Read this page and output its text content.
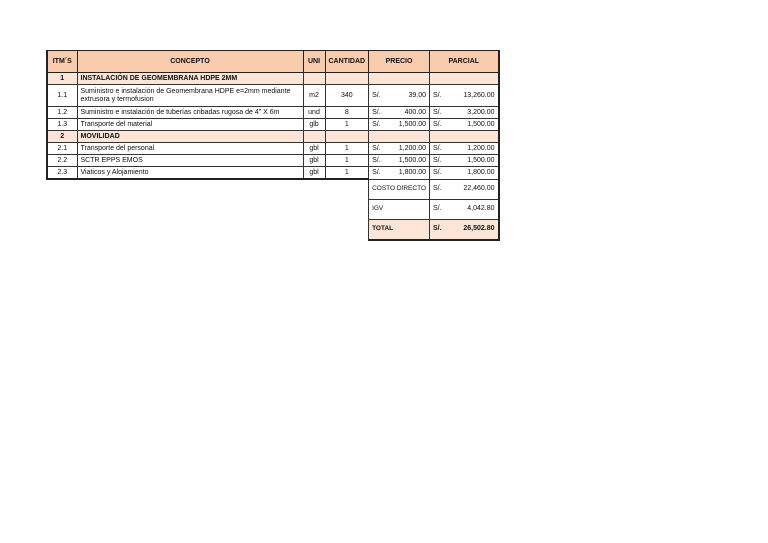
ITM´S	CONCEPTO	UNI	CANTIDAD	PRECIO	PARCIAL
1	INSTALACIÓN DE GEOMEMBRANA HDPE 2MM				
1.1	Suministro e instalación de Geomembrana HDPE e=2mm mediante extrusora y termofusion	m2	340	S/. 39.00	S/. 13,260.00

1.2	Suministro e instalación de tuberías cribadas rugosa de 4" X 6m	und	8	S/. 400.00	S/. 3,200.00

1.3	Transporte del material	glb	1	S/. 1,500.00	S/. 1,500.00

2	MOVILIDAD				
2.1	Transporte del personal	gbl	1	S/. 1,200.00	S/. 1,200.00

2.2	SCTR EPPS EMOS	gbl	1	S/. 1,500.00	S/. 1,500.00

2.3	Viaticos y Alojamiento	gbl	1	S/. 1,800.00	S/. 1,800.00

				COSTO DIRECTO	S/. 22,460.00

				IGV	S/. 4,042.80

				TOTAL	S/. 26,502.80
